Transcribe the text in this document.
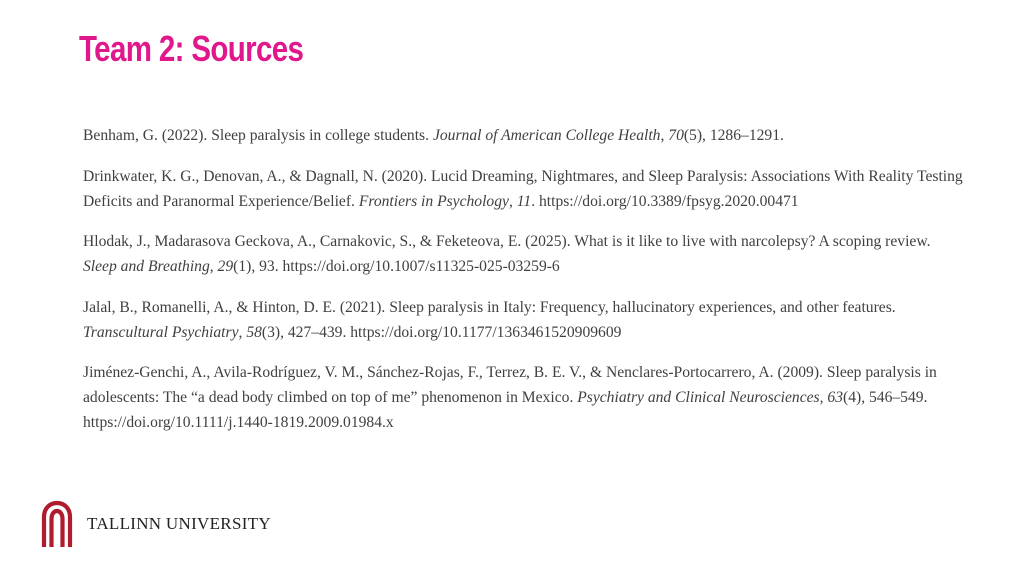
Team 2: Sources

Benham, G. (2022). Sleep paralysis in college students. Journal of American College Health, 70(5), 1286–1291.

Drinkwater, K. G., Denovan, A., & Dagnall, N. (2020). Lucid Dreaming, Nightmares, and Sleep Paralysis: Associations With Reality Testing Deficits and Paranormal Experience/Belief. Frontiers in Psychology, 11. https://doi.org/10.3389/fpsyg.2020.00471

Hlodak, J., Madarasova Geckova, A., Carnakovic, S., & Feketeova, E. (2025). What is it like to live with narcolepsy? A scoping review. Sleep and Breathing, 29(1), 93. https://doi.org/10.1007/s11325-025-03259-6

Jalal, B., Romanelli, A., & Hinton, D. E. (2021). Sleep paralysis in Italy: Frequency, hallucinatory experiences, and other features. Transcultural Psychiatry, 58(3), 427–439. https://doi.org/10.1177/1363461520909609

Jiménez-Genchi, A., Avila-Rodríguez, V. M., Sánchez-Rojas, F., Terrez, B. E. V., & Nenclares-Portocarrero, A. (2009). Sleep paralysis in adolescents: The “a dead body climbed on top of me” phenomenon in Mexico. Psychiatry and Clinical Neurosciences, 63(4), 546–549. https://doi.org/10.1111/j.1440-1819.2009.01984.x

TALLINN UNIVERSITY
